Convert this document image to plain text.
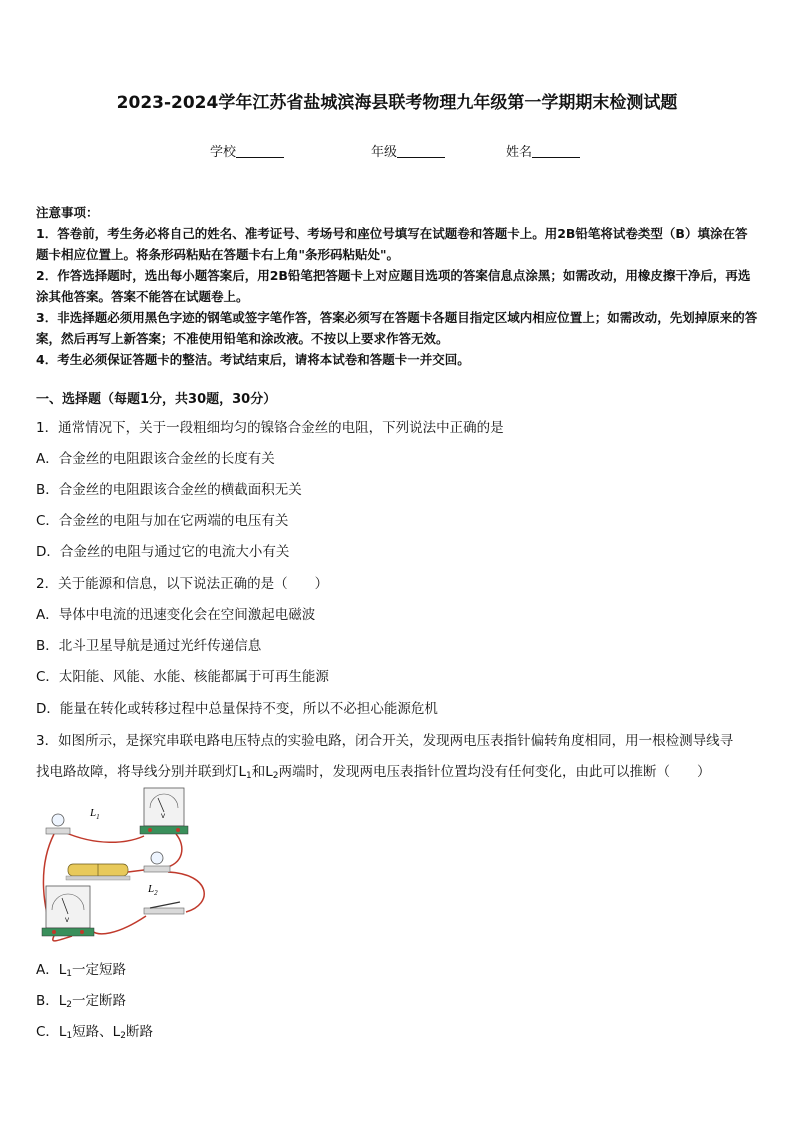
2023-2024学年江苏省盐城滨海县联考物理九年级第一学期期末检测试题
学校	年级	姓名

注意事项：

1．答卷前，考生务必将自己的姓名、准考证号、考场号和座位号填写在试题卷和答题卡上。用2B铅笔将试卷类型（B）填涂在答题卡相应位置上。将条形码粘贴在答题卡右上角"条形码粘贴处"。

2．作答选择题时，选出每小题答案后，用2B铅笔把答题卡上对应题目选项的答案信息点涂黑；如需改动，用橡皮擦干净后，再选涂其他答案。答案不能答在试题卷上。

3．非选择题必须用黑色字迹的钢笔或签字笔作答，答案必须写在答题卡各题目指定区域内相应位置上；如需改动，先划掉原来的答案，然后再写上新答案；不准使用铅笔和涂改液。不按以上要求作答无效。

4．考生必须保证答题卡的整洁。考试结束后，请将本试卷和答题卡一并交回。

一、选择题（每题1分，共30题，30分）
1．通常情况下，关于一段粗细均匀的镍铬合金丝的电阻，下列说法中正确的是
A．合金丝的电阻跟该合金丝的长度有关
B．合金丝的电阻跟该合金丝的横截面积无关
C．合金丝的电阻与加在它两端的电压有关
D．合金丝的电阻与通过它的电流大小有关
2．关于能源和信息，以下说法正确的是（　　）
A．导体中电流的迅速变化会在空间激起电磁波
B．北斗卫星导航是通过光纤传递信息
C．太阳能、风能、水能、核能都属于可再生能源
D．能量在转化或转移过程中总量保持不变，所以不必担心能源危机
3．如图所示，是探究串联电路电压特点的实验电路，闭合开关，发现两电压表指针偏转角度相同，用一根检测导线寻
找电路故障，将导线分别并联到灯$L_1$和$L_2$两端时，发现两电压表指针位置均没有任何变化，由此可以推断（　　）
$L_1$	V
$L_2$
V
A．$L_1$一定短路
B．$L_2$一定断路
C．$L_1$短路、$L_2$断路
